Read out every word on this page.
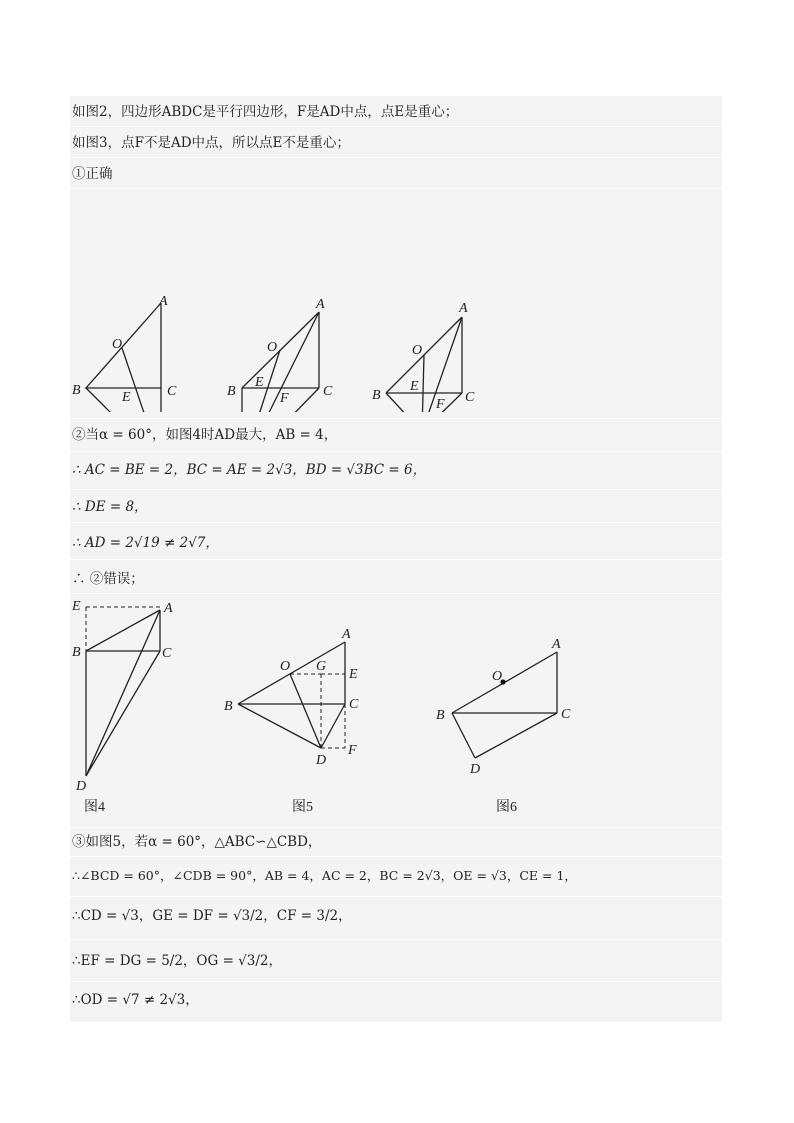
如图2，四边形ABDC是平行四边形，F是AD中点，点E是重心；
如图3，点F不是AD中点，所以点E不是重心；
①正确
A
O
B	C
E
A
O
B
E
F C
A
O
B
E
F C
②当α = 60°，如图4时AD最大，AB = 4，
∴ AC = BE = 2，BC = AE = 2√3，BD = √3BC = 6，
∴ DE = 8，
∴ AD = 2√19 ≠ 2√7，
∴ ②错误；
E	A
B	C
D
A
O G
E
B	C
F
D
A
O
B	C
D
图4	图5	图6
③如图5，若α = 60°，△ABC∽△CBD，
∴∠BCD = 60°，∠CDB = 90°，AB = 4，AC = 2，BC = 2√3，OE = √3，CE = 1，
∴CD = √3，GE = DF = √3/2，CF = 3/2，
∴EF = DG = 5/2，OG = √3/2，
∴OD = √7 ≠ 2√3，
